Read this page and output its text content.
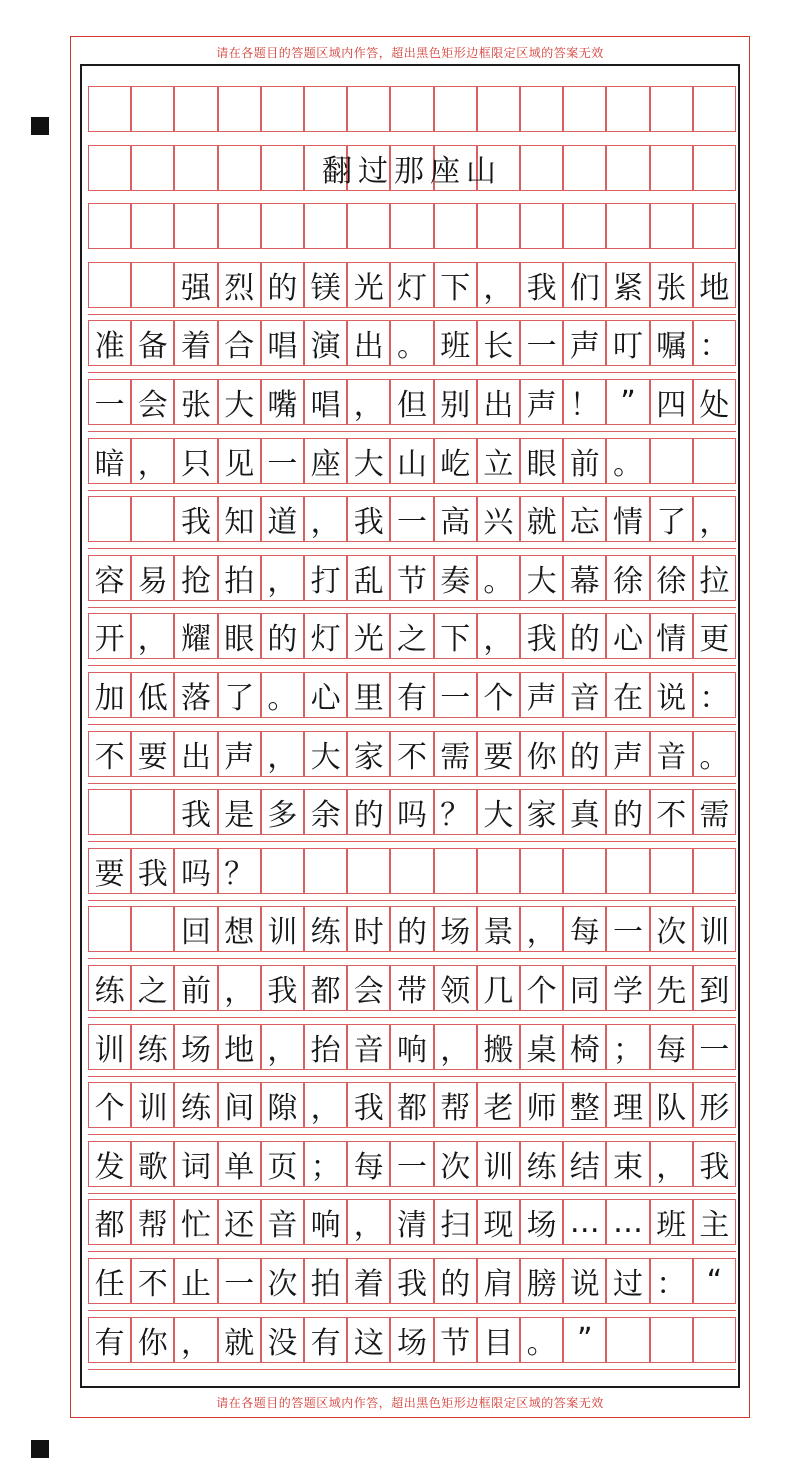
请在各题目的答题区域内作答，超出黑色矩形边框限定区域的答案无效
请在各题目的答题区域内作答，超出黑色矩形边框限定区域的答案无效
翻过那座山
强 烈 的 镁 光 灯 下 ， 我 们 紧 张 地
准 备 着 合 唱 演 出 。 班 长 一 声 叮 嘱 ：
一 会 张 大 嘴 唱 ， 但 别 出 声 ！ ” 四 处
暗 ， 只 见 一 座 大 山 屹 立 眼 前 。
我 知 道 ， 我 一 高 兴 就 忘 情 了 ，
容 易 抢 拍 ， 打 乱 节 奏 。 大 幕 徐 徐 拉
开 ， 耀 眼 的 灯 光 之 下 ， 我 的 心 情 更
加 低 落 了 。 心 里 有 一 个 声 音 在 说 ：
不 要 出 声 ， 大 家 不 需 要 你 的 声 音 。
我 是 多 余 的 吗 ？ 大 家 真 的 不 需
要 我 吗 ？
回 想 训 练 时 的 场 景 ， 每 一 次 训
练 之 前 ， 我 都 会 带 领 几 个 同 学 先 到
训 练 场 地 ， 抬 音 响 ， 搬 桌 椅 ； 每 一
个 训 练 间 隙 ， 我 都 帮 老 师 整 理 队 形
发 歌 词 单 页 ； 每 一 次 训 练 结 束 ， 我
都 帮 忙 还 音 响 ， 清 扫 现 场 … … 班 主
任 不 止 一 次 拍 着 我 的 肩 膀 说 过 ： “
有 你 ， 就 没 有 这 场 节 目 。 ”
